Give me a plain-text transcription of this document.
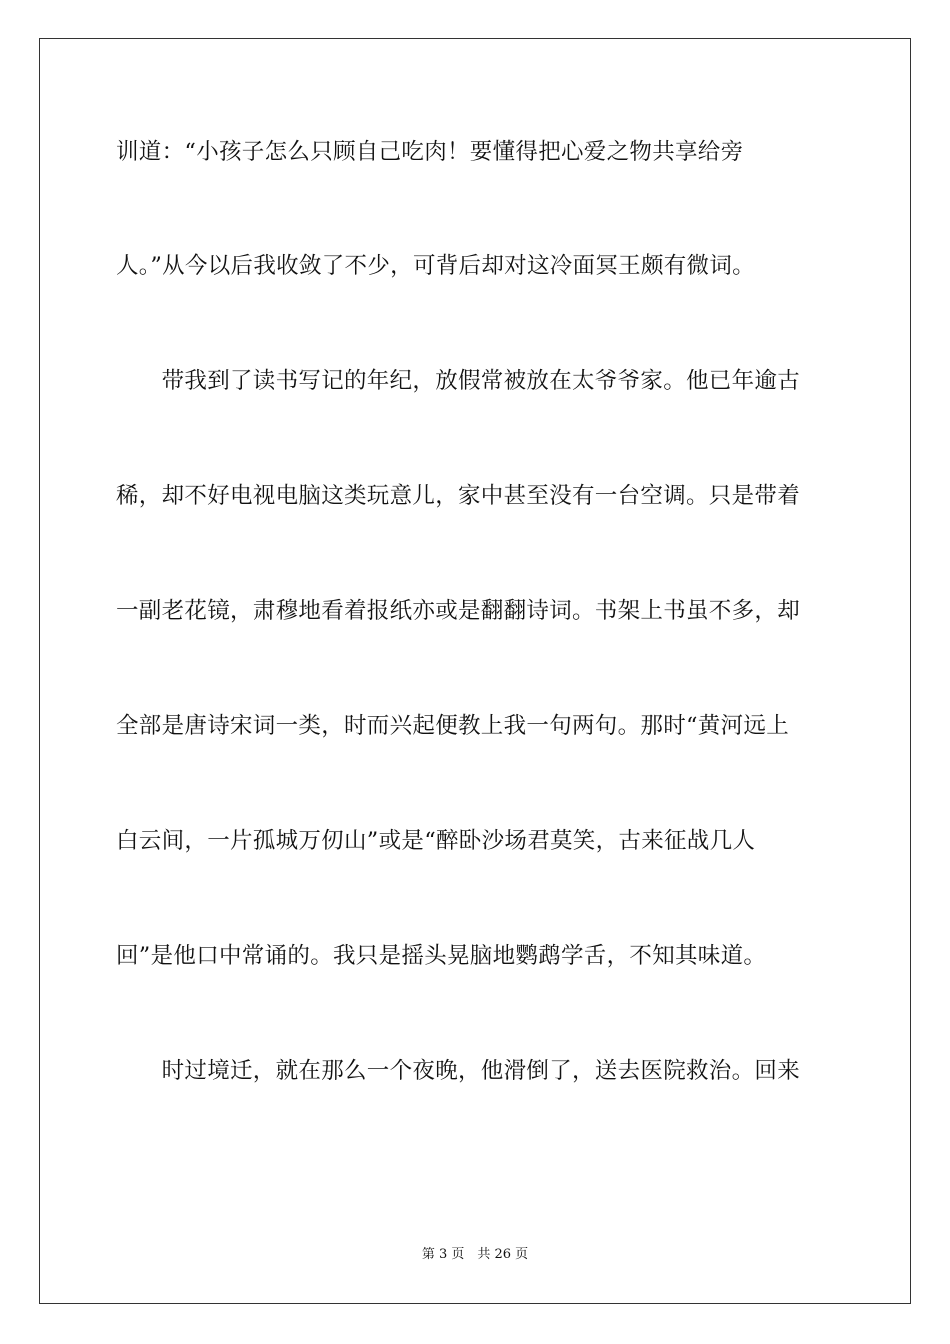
训道：“小孩子怎么只顾自己吃肉！要懂得把心爱之物共享给旁
人。”从今以后我收敛了不少，可背后却对这冷面冥王颇有微词。
　　带我到了读书写记的年纪，放假常被放在太爷爷家。他已年逾古
稀，却不好电视电脑这类玩意儿，家中甚至没有一台空调。只是带着
一副老花镜，肃穆地看着报纸亦或是翻翻诗词。书架上书虽不多，却
全部是唐诗宋词一类，时而兴起便教上我一句两句。那时“黄河远上
白云间，一片孤城万仞山”或是“醉卧沙场君莫笑，古来征战几人
回”是他口中常诵的。我只是摇头晃脑地鹦鹉学舌，不知其味道。
　　时过境迁，就在那么一个夜晚，他滑倒了，送去医院救治。回来
第 3 页　共 26 页
